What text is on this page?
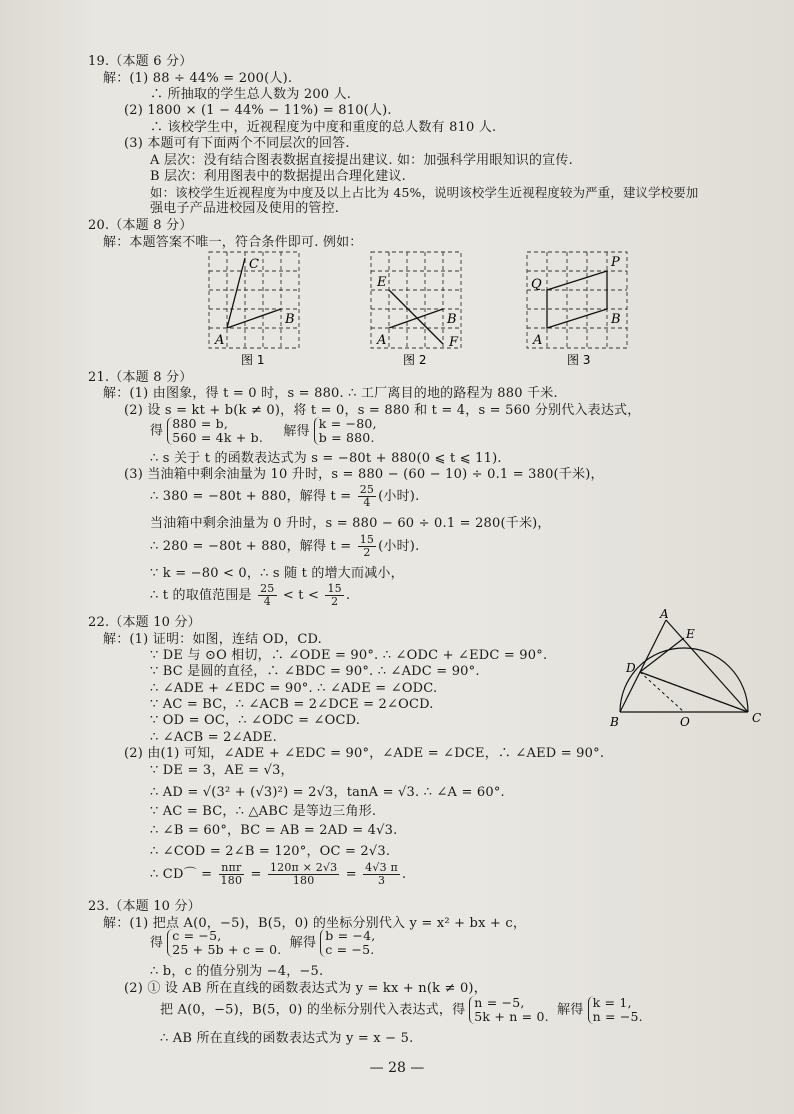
19.（本题 6 分）
解：(1) 88 ÷ 44% = 200(人).
∴ 所抽取的学生总人数为 200 人.
(2) 1800 × (1 − 44% − 11%) = 810(人).
∴ 该校学生中，近视程度为中度和重度的总人数有 810 人.
(3) 本题可有下面两个不同层次的回答.
A 层次：没有结合图表数据直接提出建议. 如：加强科学用眼知识的宣传.
B 层次：利用图表中的数据提出合理化建议.
如：该校学生近视程度为中度及以上占比为 45%，说明该校学生近视程度较为严重，建议学校要加
强电子产品进校园及使用的管控.
20.（本题 8 分）
解：本题答案不唯一，符合条件即可. 例如：
C
B
A
图 1
E
B
A	F
图 2
Q
P
B
A
图 3
21.（本题 8 分）
解：(1) 由图象，得 t = 0 时，s = 880. ∴ 工厂离目的地的路程为 880 千米.
(2) 设 s = kt + b(k ≠ 0)，将 t = 0，s = 880 和 t = 4，s = 560 分别代入表达式，
得 880 = b,
560 = 4k + b. 解得 k = −80,
b = 880.
∴ s 关于 t 的函数表达式为 s = −80t + 880(0 ⩽ t ⩽ 11).
(3) 当油箱中剩余油量为 10 升时，s = 880 − (60 − 10) ÷ 0.1 = 380(千米)，
∴ 380 = −80t + 880，解得 $t = \frac{25}{4}$ (小时).
当油箱中剩余油量为 0 升时，s = 880 − 60 ÷ 0.1 = 280(千米)，
∴ 280 = −80t + 880，解得 $t = \frac{15}{2}$ (小时).
∵ k = −80 < 0，∴ s 随 t 的增大而减小，
∴ t 的取值范围是 $\frac{25}{4} < t < \frac{15}{2}$ .
22.（本题 10 分）
解：(1) 证明：如图，连结 OD，CD.
∵ DE 与 ⊙O 相切，∴ ∠ODE = 90°. ∴ ∠ODC + ∠EDC = 90°.
∵ BC 是圆的直径，∴ ∠BDC = 90°. ∴ ∠ADC = 90°.
∴ ∠ADE + ∠EDC = 90°. ∴ ∠ADE = ∠ODC.
∵ AC = BC，∴ ∠ACB = 2∠DCE = 2∠OCD.
∵ OD = OC，∴ ∠ODC = ∠OCD.
∴ ∠ACB = 2∠ADE.
(2) 由(1) 可知，∠ADE + ∠EDC = 90°，∠ADE = ∠DCE，∴ ∠AED = 90°.
∵ DE = 3，AE = √3，
∴ AD = √(3² + (√3)²) = 2√3，tanA = √3. ∴ ∠A = 60°.
∵ AC = BC，∴ △ABC 是等边三角形.
∴ ∠B = 60°，BC = AB = 2AD = 4√3.
∴ ∠COD = 2∠B = 120°，OC = 2√3.
∴ CD⌒ = $\frac{\text{nπr}}{180} = \frac{120\pi \times 2√3}{180} = \frac{4√3 \pi}{3}$ .
A
E
D
B	O	C
23.（本题 10 分）
解：(1) 把点 A(0，−5)，B(5，0) 的坐标分别代入 y = x² + bx + c，
得 c = −5,
25 + 5b + c = 0. 解得 b = −4,
c = −5.
∴ b，c 的值分别为 −4，−5.
(2) ① 设 AB 所在直线的函数表达式为 y = kx + n(k ≠ 0)，
把 A(0，−5)，B(5，0) 的坐标分别代入表达式，得 n = −5,
5k + n = 0. 解得 k = 1,
n = −5.
∴ AB 所在直线的函数表达式为 y = x − 5.
— 28 —
